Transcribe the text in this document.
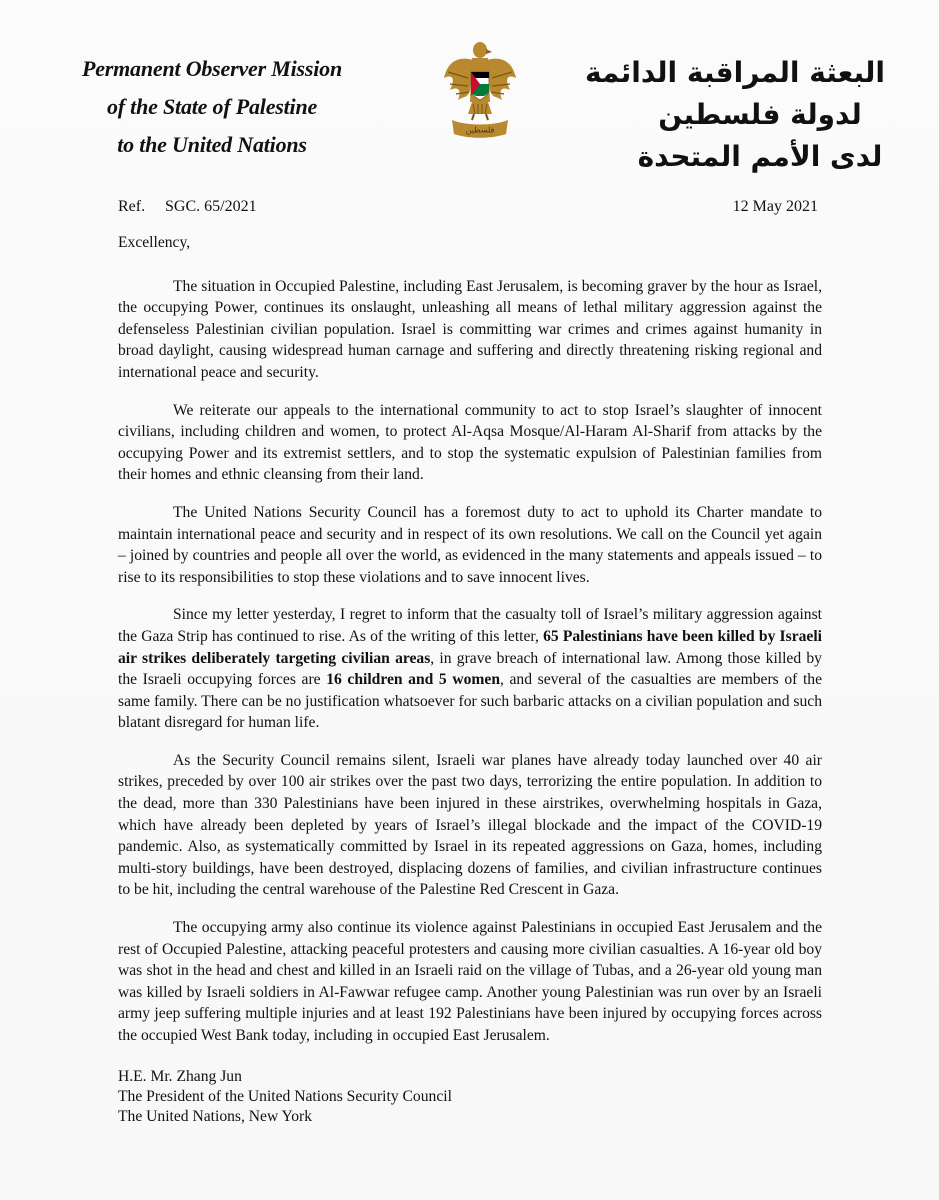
Permanent Observer Mission
of the State of Palestine
to the United Nations
فلسطين
البعثة المراقبة الدائمة
لدولة فلسطين
لدى الأمم المتحدة
Ref. SGC. 65/2021	12 May 2021
Excellency,

The situation in Occupied Palestine, including East Jerusalem, is becoming graver by the hour as Israel, the occupying Power, continues its onslaught, unleashing all means of lethal military aggression against the defenseless Palestinian civilian population. Israel is committing war crimes and crimes against humanity in broad daylight, causing widespread human carnage and suffering and directly threatening risking regional and international peace and security.

We reiterate our appeals to the international community to act to stop Israel’s slaughter of innocent civilians, including children and women, to protect Al-Aqsa Mosque/Al-Haram Al-Sharif from attacks by the occupying Power and its extremist settlers, and to stop the systematic expulsion of Palestinian families from their homes and ethnic cleansing from their land.

The United Nations Security Council has a foremost duty to act to uphold its Charter mandate to maintain international peace and security and in respect of its own resolutions. We call on the Council yet again – joined by countries and people all over the world, as evidenced in the many statements and appeals issued – to rise to its responsibilities to stop these violations and to save innocent lives.

Since my letter yesterday, I regret to inform that the casualty toll of Israel’s military aggression against the Gaza Strip has continued to rise. As of the writing of this letter, 65 Palestinians have been killed by Israeli air strikes deliberately targeting civilian areas, in grave breach of international law. Among those killed by the Israeli occupying forces are 16 children and 5 women, and several of the casualties are members of the same family. There can be no justification whatsoever for such barbaric attacks on a civilian population and such blatant disregard for human life.

As the Security Council remains silent, Israeli war planes have already today launched over 40 air strikes, preceded by over 100 air strikes over the past two days, terrorizing the entire population. In addition to the dead, more than 330 Palestinians have been injured in these airstrikes, overwhelming hospitals in Gaza, which have already been depleted by years of Israel’s illegal blockade and the impact of the COVID-19 pandemic. Also, as systematically committed by Israel in its repeated aggressions on Gaza, homes, including multi-story buildings, have been destroyed, displacing dozens of families, and civilian infrastructure continues to be hit, including the central warehouse of the Palestine Red Crescent in Gaza.

The occupying army also continue its violence against Palestinians in occupied East Jerusalem and the rest of Occupied Palestine, attacking peaceful protesters and causing more civilian casualties. A 16-year old boy was shot in the head and chest and killed in an Israeli raid on the village of Tubas, and a 26-year old young man was killed by Israeli soldiers in Al-Fawwar refugee camp. Another young Palestinian was run over by an Israeli army jeep suffering multiple injuries and at least 192 Palestinians have been injured by occupying forces across the occupied West Bank today, including in occupied East Jerusalem.

H.E. Mr. Zhang Jun
The President of the United Nations Security Council
The United Nations, New York
